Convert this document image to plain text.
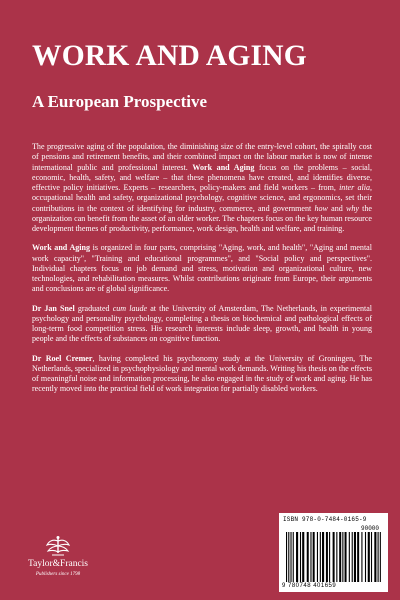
WORK AND AGING
A European Prospective

The progressive aging of the population, the diminishing size of the entry-level cohort, the spirally cost of pensions and retirement benefits, and their combined impact on the labour market is now of intense international public and professional interest. Work and Aging focus on the problems – social, economic, health, safety, and welfare – that these phenomena have created, and identifies diverse, effective policy initiatives. Experts – researchers, policy-makers and field workers – from, inter alia, occupational health and safety, organizational psychology, cognitive science, and ergonomics, set their contributions in the context of identifying for industry, commerce, and government how and why the organization can benefit from the asset of an older worker. The chapters focus on the key human resource development themes of productivity, performance, work design, health and welfare, and training.

Work and Aging is organized in four parts, comprising "Aging, work, and health", "Aging and mental work capacity", "Training and educational programmes", and "Social policy and perspectives". Individual chapters focus on job demand and stress, motivation and organizational culture, new technologies, and rehabilitation measures. Whilst contributions originate from Europe, their arguments and conclusions are of global significance.

Dr Jan Snel graduated cum laude at the University of Amsterdam, The Netherlands, in experimental psychology and personality psychology, completing a thesis on biochemical and pathological effects of long-term food competition stress. His research interests include sleep, growth, and health in young people and the effects of substances on cognitive function.

Dr Roel Cremer, having completed his psychonomy study at the University of Groningen, The Netherlands, specialized in psychophysiology and mental work demands. Writing his thesis on the effects of meaningful noise and information processing, he also engaged in the study of work and aging. He has recently moved into the practical field of work integration for partially disabled workers.

Taylor&Francis
Publishers since 1798
ISBN 978-0-7484-0165-9
90000
9 780748 401659
